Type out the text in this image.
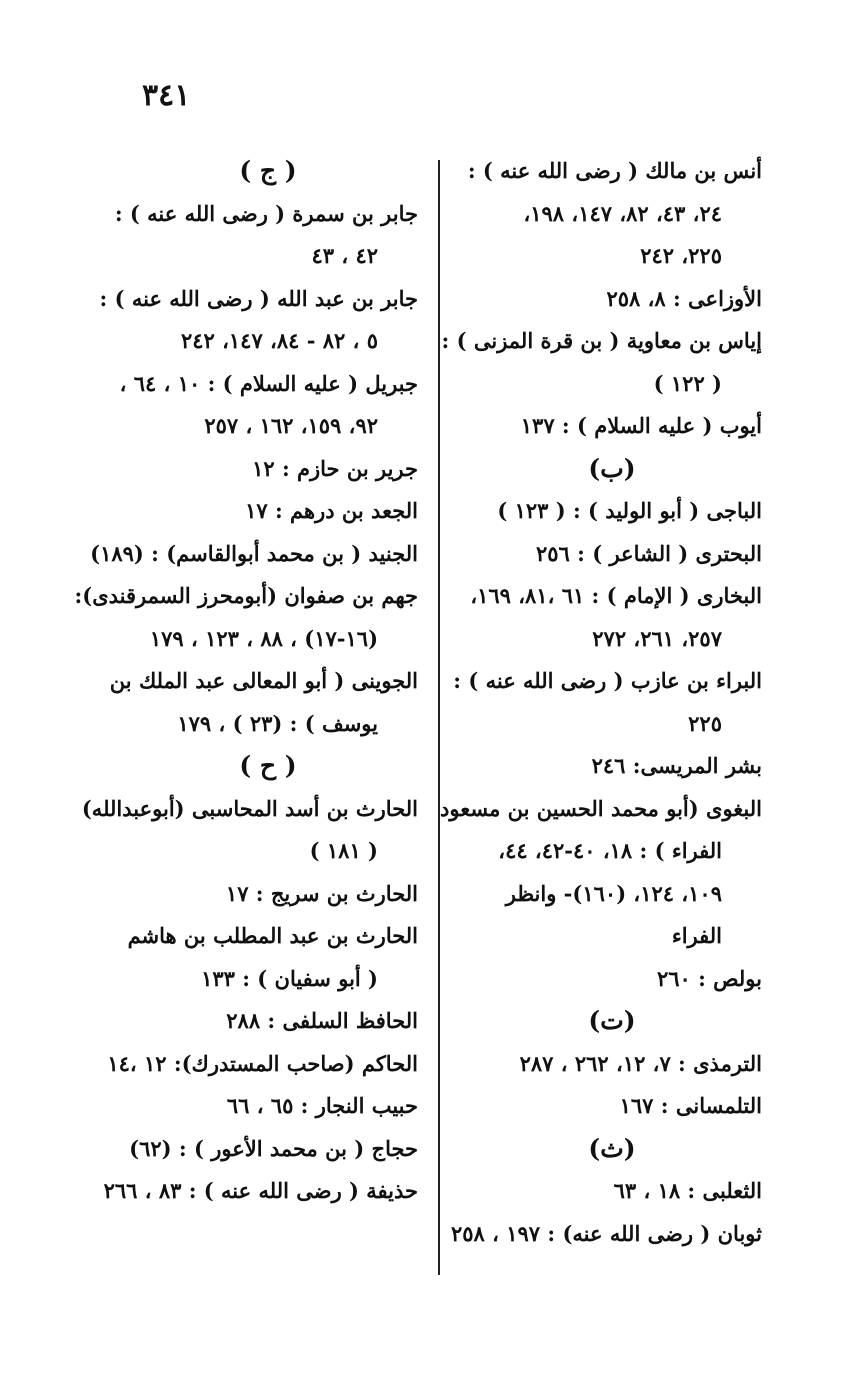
٣٤١
أنس بن مالك ( رضى الله عنه ) :
٢٤، ٤٣، ٨٢، ١٤٧، ١٩٨،
٢٢٥، ٢٤٢
الأوزاعى : ٨، ٢٥٨
إياس بن معاوية ( بن قرة المزنى ) :
( ١٢٢ )
أيوب ( عليه السلام ) : ١٣٧
(ب)
الباجى ( أبو الوليد ) : ( ١٢٣ )
البحترى ( الشاعر ) : ٢٥٦
البخارى ( الإمام ) : ٦١ ،٨١، ١٦٩،
٢٥٧، ٢٦١، ٢٧٢
البراء بن عازب ( رضى الله عنه ) :
٢٢٥
بشر المريسى: ٢٤٦
البغوى (أبو محمد الحسين بن مسعود
الفراء ) : ١٨، ٤٠-٤٢، ٤٤،
١٠٩، ١٢٤، (١٦٠)- وانظر
الفراء
بولص : ٢٦٠
(ت)
الترمذى : ٧، ١٢، ٢٦٢ ، ٢٨٧
التلمسانى : ١٦٧
(ث)
الثعلبى : ١٨ ، ٦٣
ثوبان ( رضى الله عنه) : ١٩٧ ، ٢٥٨
( ج )
جابر بن سمرة ( رضى الله عنه ) :
٤٢ ، ٤٣
جابر بن عبد الله ( رضى الله عنه ) :
٥ ، ٨٢ - ٨٤، ١٤٧، ٢٤٢
جبريل ( عليه السلام ) : ١٠ ، ٦٤ ،
٩٢، ١٥٩، ١٦٢ ، ٢٥٧
جرير بن حازم : ١٢
الجعد بن درهم : ١٧
الجنيد ( بن محمد أبوالقاسم) : (١٨٩)
جهم بن صفوان (أبومحرز السمرقندى):
(١٦-١٧) ، ٨٨ ، ١٢٣ ، ١٧٩
الجوينى ( أبو المعالى عبد الملك بن
يوسف ) : (٢٣ ) ، ١٧٩
( ح )
الحارث بن أسد المحاسبى (أبوعبدالله)
( ١٨١ )
الحارث بن سريج : ١٧
الحارث بن عبد المطلب بن هاشم
( أبو سفيان ) : ١٣٣
الحافظ السلفى : ٢٨٨
الحاكم (صاحب المستدرك): ١٢ ،١٤
حبيب النجار : ٦٥ ، ٦٦
حجاج ( بن محمد الأعور ) : (٦٢)
حذيفة ( رضى الله عنه ) : ٨٣ ، ٢٦٦
